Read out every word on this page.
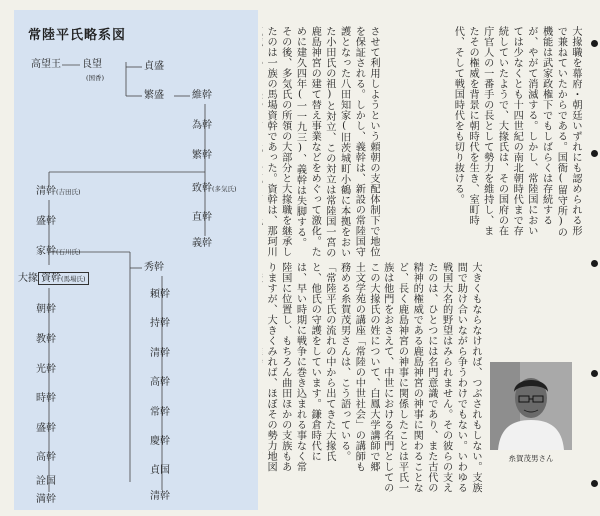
常陸平氏略系図
高望王 良望
(国香)
貞盛
繁盛	維幹
為幹
繁幹
致幹(多気氏)
直幹
義幹
清幹(吉田氏)
盛幹
家幹(石川氏)
大掾 資幹(馬場氏)
朝幹
教幹
光幹
時幹
盛幹
高幹
詮国
満幹
秀幹
頼幹
持幹
清幹
高幹
常幹
慶幹
貞国
清幹
大掾職を幕府・朝廷いずれにも認められる形で兼ねていたからである。国衙(留守所)の機能は武家政権下でもしばらくは存続するが、やがて消滅する。しかし、常陸国においては少なくとも十四世紀の南北朝時代まで存続していたようで、大掾氏は、その国府の在庁官人の一番手の長として勢力を維持し、またその権威を背景に朝時代を生き、室町時代、そして戦国時代をも切り抜ける。
させて利用しようという頼朝の支配体制下で地位を保証される。しかし、義幹は、新設の常陸国守護となった八田知家(旧茨城町小鶴に本拠をおいた小田氏の祖)と対立、この対立は常陸国一宮の鹿島神宮の建て替え事業などをめぐって激化。ために建久四年(一一九三)、義幹は失脚する。その後、多気氏の所領の大部分と大掾職を継承したのは一族の馬場資幹であった。資幹は、那珂川
大きくもならなければ、つぶされもしない。支族間で助け合いながら争うわけでもない。いわゆる戦国大名的野望はみられません。その彼らの支えたのは、ひとつには名門意識であり、また古代の精神的権威である鹿島神宮の神事に関わることなど、長く鹿島神宮の神事に関係したことは平氏一族は他門をおさえて、中世における名門としての
この大掾氏の姓について、白鳳大学講師で郷土文学苑の講座「常陸の中世社会」の講師も務める糸賀茂男さんは、こう語っている。「常陸平氏の流れの中から出てきた大掾氏と、他氏の守護をしています。鎌倉時代には、早い時期に戦争に巻き込まれる事なく常陸国に位置し、もちろん曲田ほかの支族もありますが、大きくみれば、ほぼその勢力地図

糸賀茂男さん
